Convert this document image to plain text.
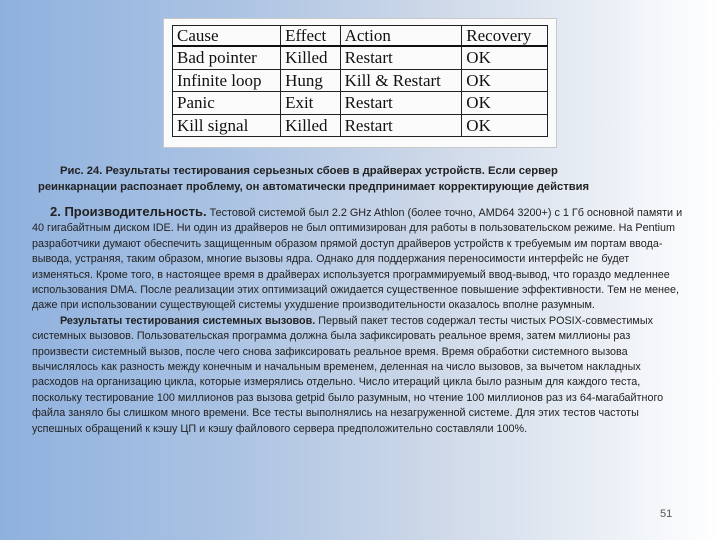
Cause	Effect	Action	Recovery
Bad pointer	Killed	Restart	OK
Infinite loop	Hung	Kill & Restart	OK
Panic	Exit	Restart	OK
Kill signal	Killed	Restart	OK
Рис. 24. Результаты тестирования серьезных сбоев в драйверах устройств. Если сервер
реинкарнации распознает проблему, он автоматически предпринимает корректирующие действия

2. Производительность. Тестовой системой был 2.2 GHz Athlon (более точно, AMD64 3200+) с 1 Гб основной памяти и 40 гигабайтным диском IDE. Ни один из драйверов не был оптимизирован для работы в пользовательском режиме. На Pentium разработчики думают обеспечить защищенным образом прямой доступ драйверов устройств к требуемым им портам ввода-вывода, устраняя, таким образом, многие вызовы ядра. Однако для поддержания переносимости интерфейс не будет изменяться. Кроме того, в настоящее время в драйверах используется программируемый ввод-вывод, что гораздо медленнее использования DMA. После реализации этих оптимизаций ожидается существенное повышение эффективности. Тем не менее, даже при использовании существующей системы ухудшение производительности оказалось вполне разумным.

Результаты тестирования системных вызовов. Первый пакет тестов содержал тесты чистых POSIX-совместимых системных вызовов. Пользовательская программа должна была зафиксировать реальное время, затем миллионы раз произвести системный вызов, после чего снова зафиксировать реальное время. Время обработки системного вызова вычислялось как разность между конечным и начальным временем, деленная на число вызовов, за вычетом накладных расходов на организацию цикла, которые измерялись отдельно. Число итераций цикла было разным для каждого теста, поскольку тестирование 100 миллионов раз вызова getpid было разумным, но чтение 100 миллионов раз из 64-магабайтного файла заняло бы слишком много времени. Все тесты выполнялись на незагруженной системе. Для этих тестов частоты успешных обращений к кэшу ЦП и кэшу файлового сервера предположительно составляли 100%.

51
